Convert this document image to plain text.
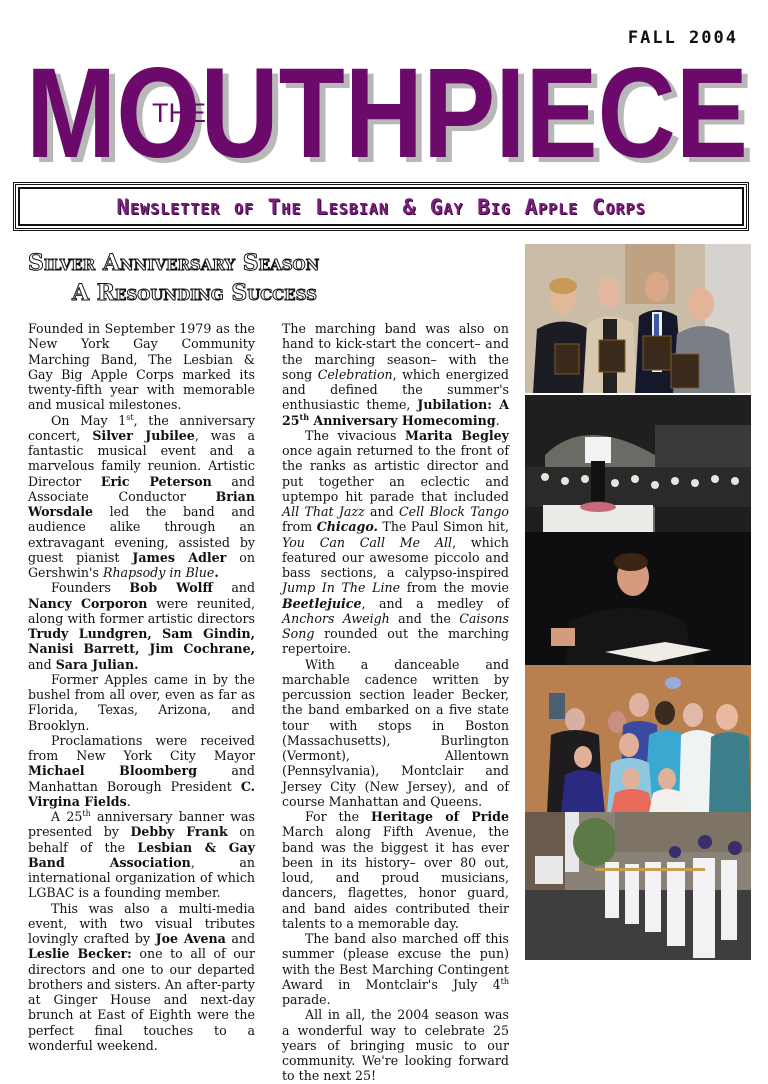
FALL 2004
MOUTHPIECE
MOUTHPIECE
THE
Newsletter of The Lesbian & Gay Big Apple Corps
Silver Anniversary Season
A Resounding Success

Founded in September 1979 as the New York Gay Community Marching Band, The Lesbian & Gay Big Apple Corps marked its twenty-fifth year with memorable and musical milestones.

On May 1st, the anniversary concert, Silver Jubilee, was a fantastic musical event and a marvelous family reunion. Artistic Director Eric Peterson and Associate Conductor Brian Worsdale led the band and audience alike through an extravagant evening, assisted by guest pianist James Adler on Gershwin's Rhapsody in Blue.

Founders Bob Wolff and Nancy Corporon were reunited, along with former artistic directors Trudy Lundgren, Sam Gindin, Nanisi Barrett, Jim Cochrane, and Sara Julian.

Former Apples came in by the bushel from all over, even as far as Florida, Texas, Arizona, and Brooklyn.

Proclamations were received from New York City Mayor Michael Bloomberg and Manhattan Borough President C. Virgina Fields.

A 25th anniversary banner was presented by Debby Frank on behalf of the Lesbian & Gay Band Association, an international organization of which LGBAC is a founding member.

This was also a multi-media event, with two visual tributes lovingly crafted by Joe Avena and Leslie Becker: one to all of our directors and one to our departed brothers and sisters. An after-party at Ginger House and next-day brunch at East of Eighth were the perfect final touches to a wonderful weekend.

The marching band was also on hand to kick-start the concert– and the marching season– with the song Celebration, which energized and defined the summer's enthusiastic theme, Jubilation: A 25th Anniversary Homecoming.

The vivacious Marita Begley once again returned to the front of the ranks as artistic director and put together an eclectic and uptempo hit parade that included All That Jazz and Cell Block Tango from Chicago. The Paul Simon hit, You Can Call Me All, which featured our awesome piccolo and bass sections, a calypso-inspired Jump In The Line from the movie Beetlejuice, and a medley of Anchors Aweigh and the Caisons Song rounded out the marching repertoire.

With a danceable and marchable cadence written by percussion section leader Becker, the band embarked on a five state tour with stops in Boston (Massachusetts), Burlington (Vermont), Allentown (Pennsylvania), Montclair and Jersey City (New Jersey), and of course Manhattan and Queens.

For the Heritage of Pride March along Fifth Avenue, the band was the biggest it has ever been in its history– over 80 out, loud, and proud musicians, dancers, flagettes, honor guard, and band aides contributed their talents to a memorable day.

The band also marched off this summer (please excuse the pun) with the Best Marching Contingent Award in Montclair's July 4th parade.

All in all, the 2004 season was a wonderful way to celebrate 25 years of bringing music to our community. We're looking forward to the next 25!
